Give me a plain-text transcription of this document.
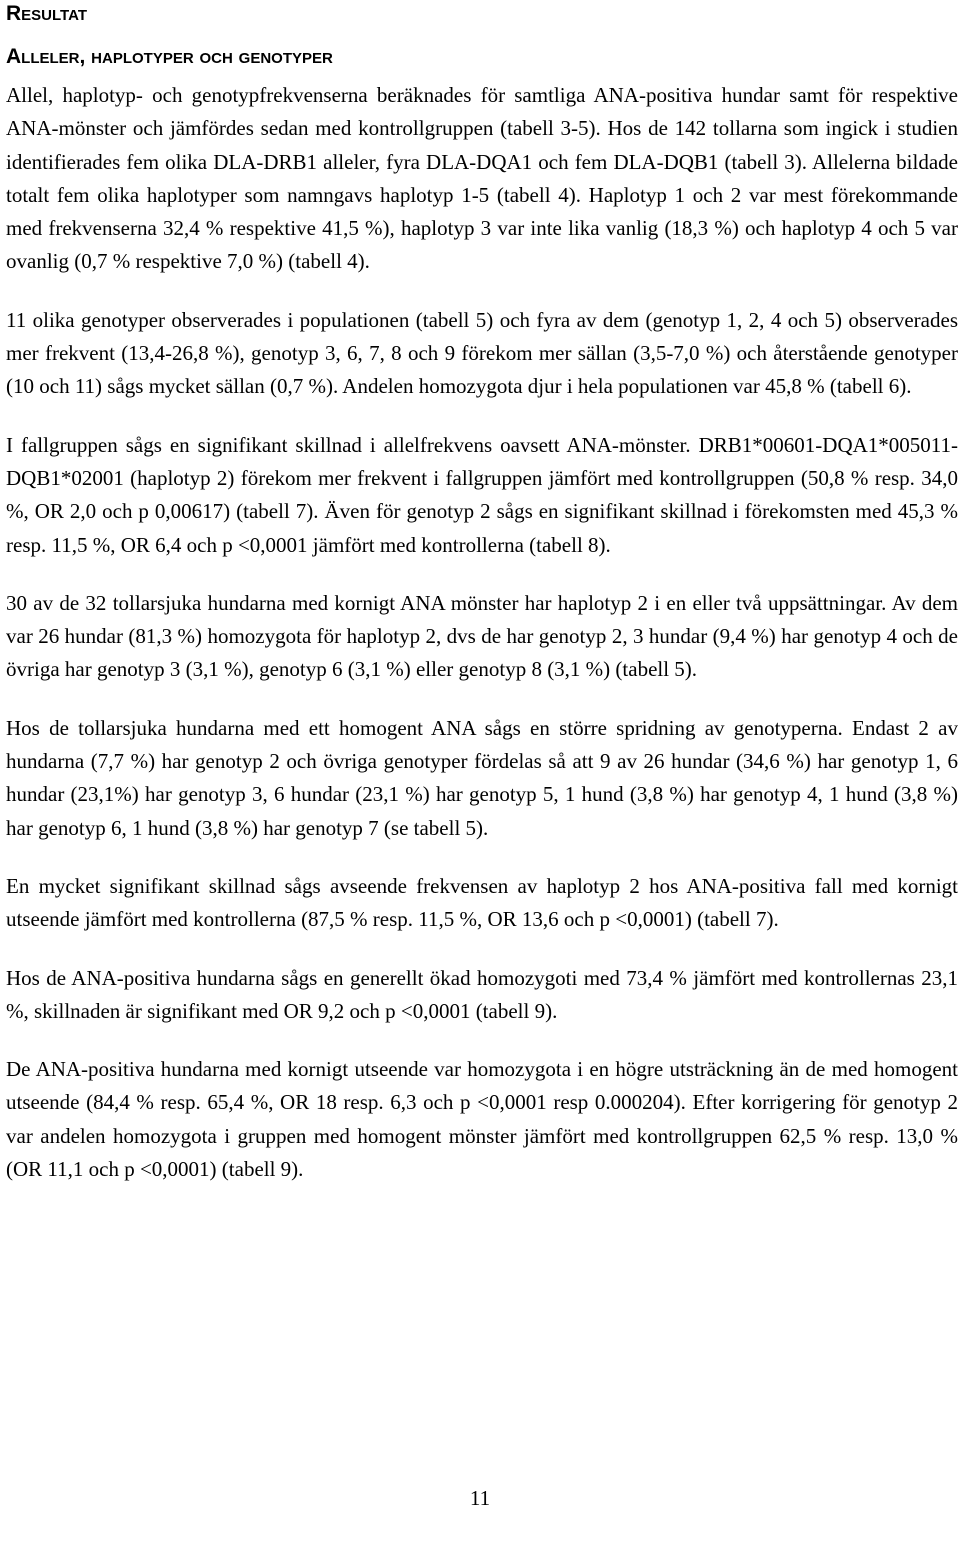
Resultat
Alleler, haplotyper och genotyper

Allel, haplotyp- och genotypfrekvenserna beräknades för samtliga ANA-positiva hundar samt för respektive ANA-mönster och jämfördes sedan med kontrollgruppen (tabell 3-5). Hos de 142 tollarna som ingick i studien identifierades fem olika DLA-DRB1 alleler, fyra DLA-DQA1 och fem DLA-DQB1 (tabell 3). Allelerna bildade totalt fem olika haplotyper som namngavs haplotyp 1-5 (tabell 4). Haplotyp 1 och 2 var mest förekommande med frekvenserna 32,4 % respektive 41,5 %), haplotyp 3 var inte lika vanlig (18,3 %) och haplotyp 4 och 5 var ovanlig (0,7 % respektive 7,0 %) (tabell 4).

11 olika genotyper observerades i populationen (tabell 5) och fyra av dem (genotyp 1, 2, 4 och 5) observerades mer frekvent (13,4-26,8 %), genotyp 3, 6, 7, 8 och 9 förekom mer sällan (3,5-7,0 %) och återstående genotyper (10 och 11) sågs mycket sällan (0,7 %). Andelen homozygota djur i hela populationen var 45,8 % (tabell 6).

I fallgruppen sågs en signifikant skillnad i allelfrekvens oavsett ANA-mönster. DRB1*00601-DQA1*005011-DQB1*02001 (haplotyp 2) förekom mer frekvent i fallgruppen jämfört med kontrollgruppen (50,8 % resp. 34,0 %, OR 2,0 och p 0,00617) (tabell 7). Även för genotyp 2 sågs en signifikant skillnad i förekomsten med 45,3 % resp. 11,5 %, OR 6,4 och p <0,0001 jämfört med kontrollerna (tabell 8).

30 av de 32 tollarsjuka hundarna med kornigt ANA mönster har haplotyp 2 i en eller två uppsättningar. Av dem var 26 hundar (81,3 %) homozygota för haplotyp 2, dvs de har genotyp 2, 3 hundar (9,4 %) har genotyp 4 och de övriga har genotyp 3 (3,1 %), genotyp 6 (3,1 %) eller genotyp 8 (3,1 %) (tabell 5).

Hos de tollarsjuka hundarna med ett homogent ANA sågs en större spridning av genotyperna. Endast 2 av hundarna (7,7 %) har genotyp 2 och övriga genotyper fördelas så att 9 av 26 hundar (34,6 %) har genotyp 1, 6 hundar (23,1%) har genotyp 3, 6 hundar (23,1 %) har genotyp 5, 1 hund (3,8 %) har genotyp 4, 1 hund (3,8 %) har genotyp 6, 1 hund (3,8 %) har genotyp 7 (se tabell 5).

En mycket signifikant skillnad sågs avseende frekvensen av haplotyp 2 hos ANA-positiva fall med kornigt utseende jämfört med kontrollerna (87,5 % resp. 11,5 %, OR 13,6 och p <0,0001) (tabell 7).

Hos de ANA-positiva hundarna sågs en generellt ökad homozygoti med 73,4 % jämfört med kontrollernas 23,1 %, skillnaden är signifikant med OR 9,2 och p <0,0001 (tabell 9).

De ANA-positiva hundarna med kornigt utseende var homozygota i en högre utsträckning än de med homogent utseende (84,4 % resp. 65,4 %, OR 18 resp. 6,3 och p <0,0001 resp 0.000204). Efter korrigering för genotyp 2 var andelen homozygota i gruppen med homogent mönster jämfört med kontrollgruppen 62,5 % resp. 13,0 % (OR 11,1 och p <0,0001) (tabell 9).

11
